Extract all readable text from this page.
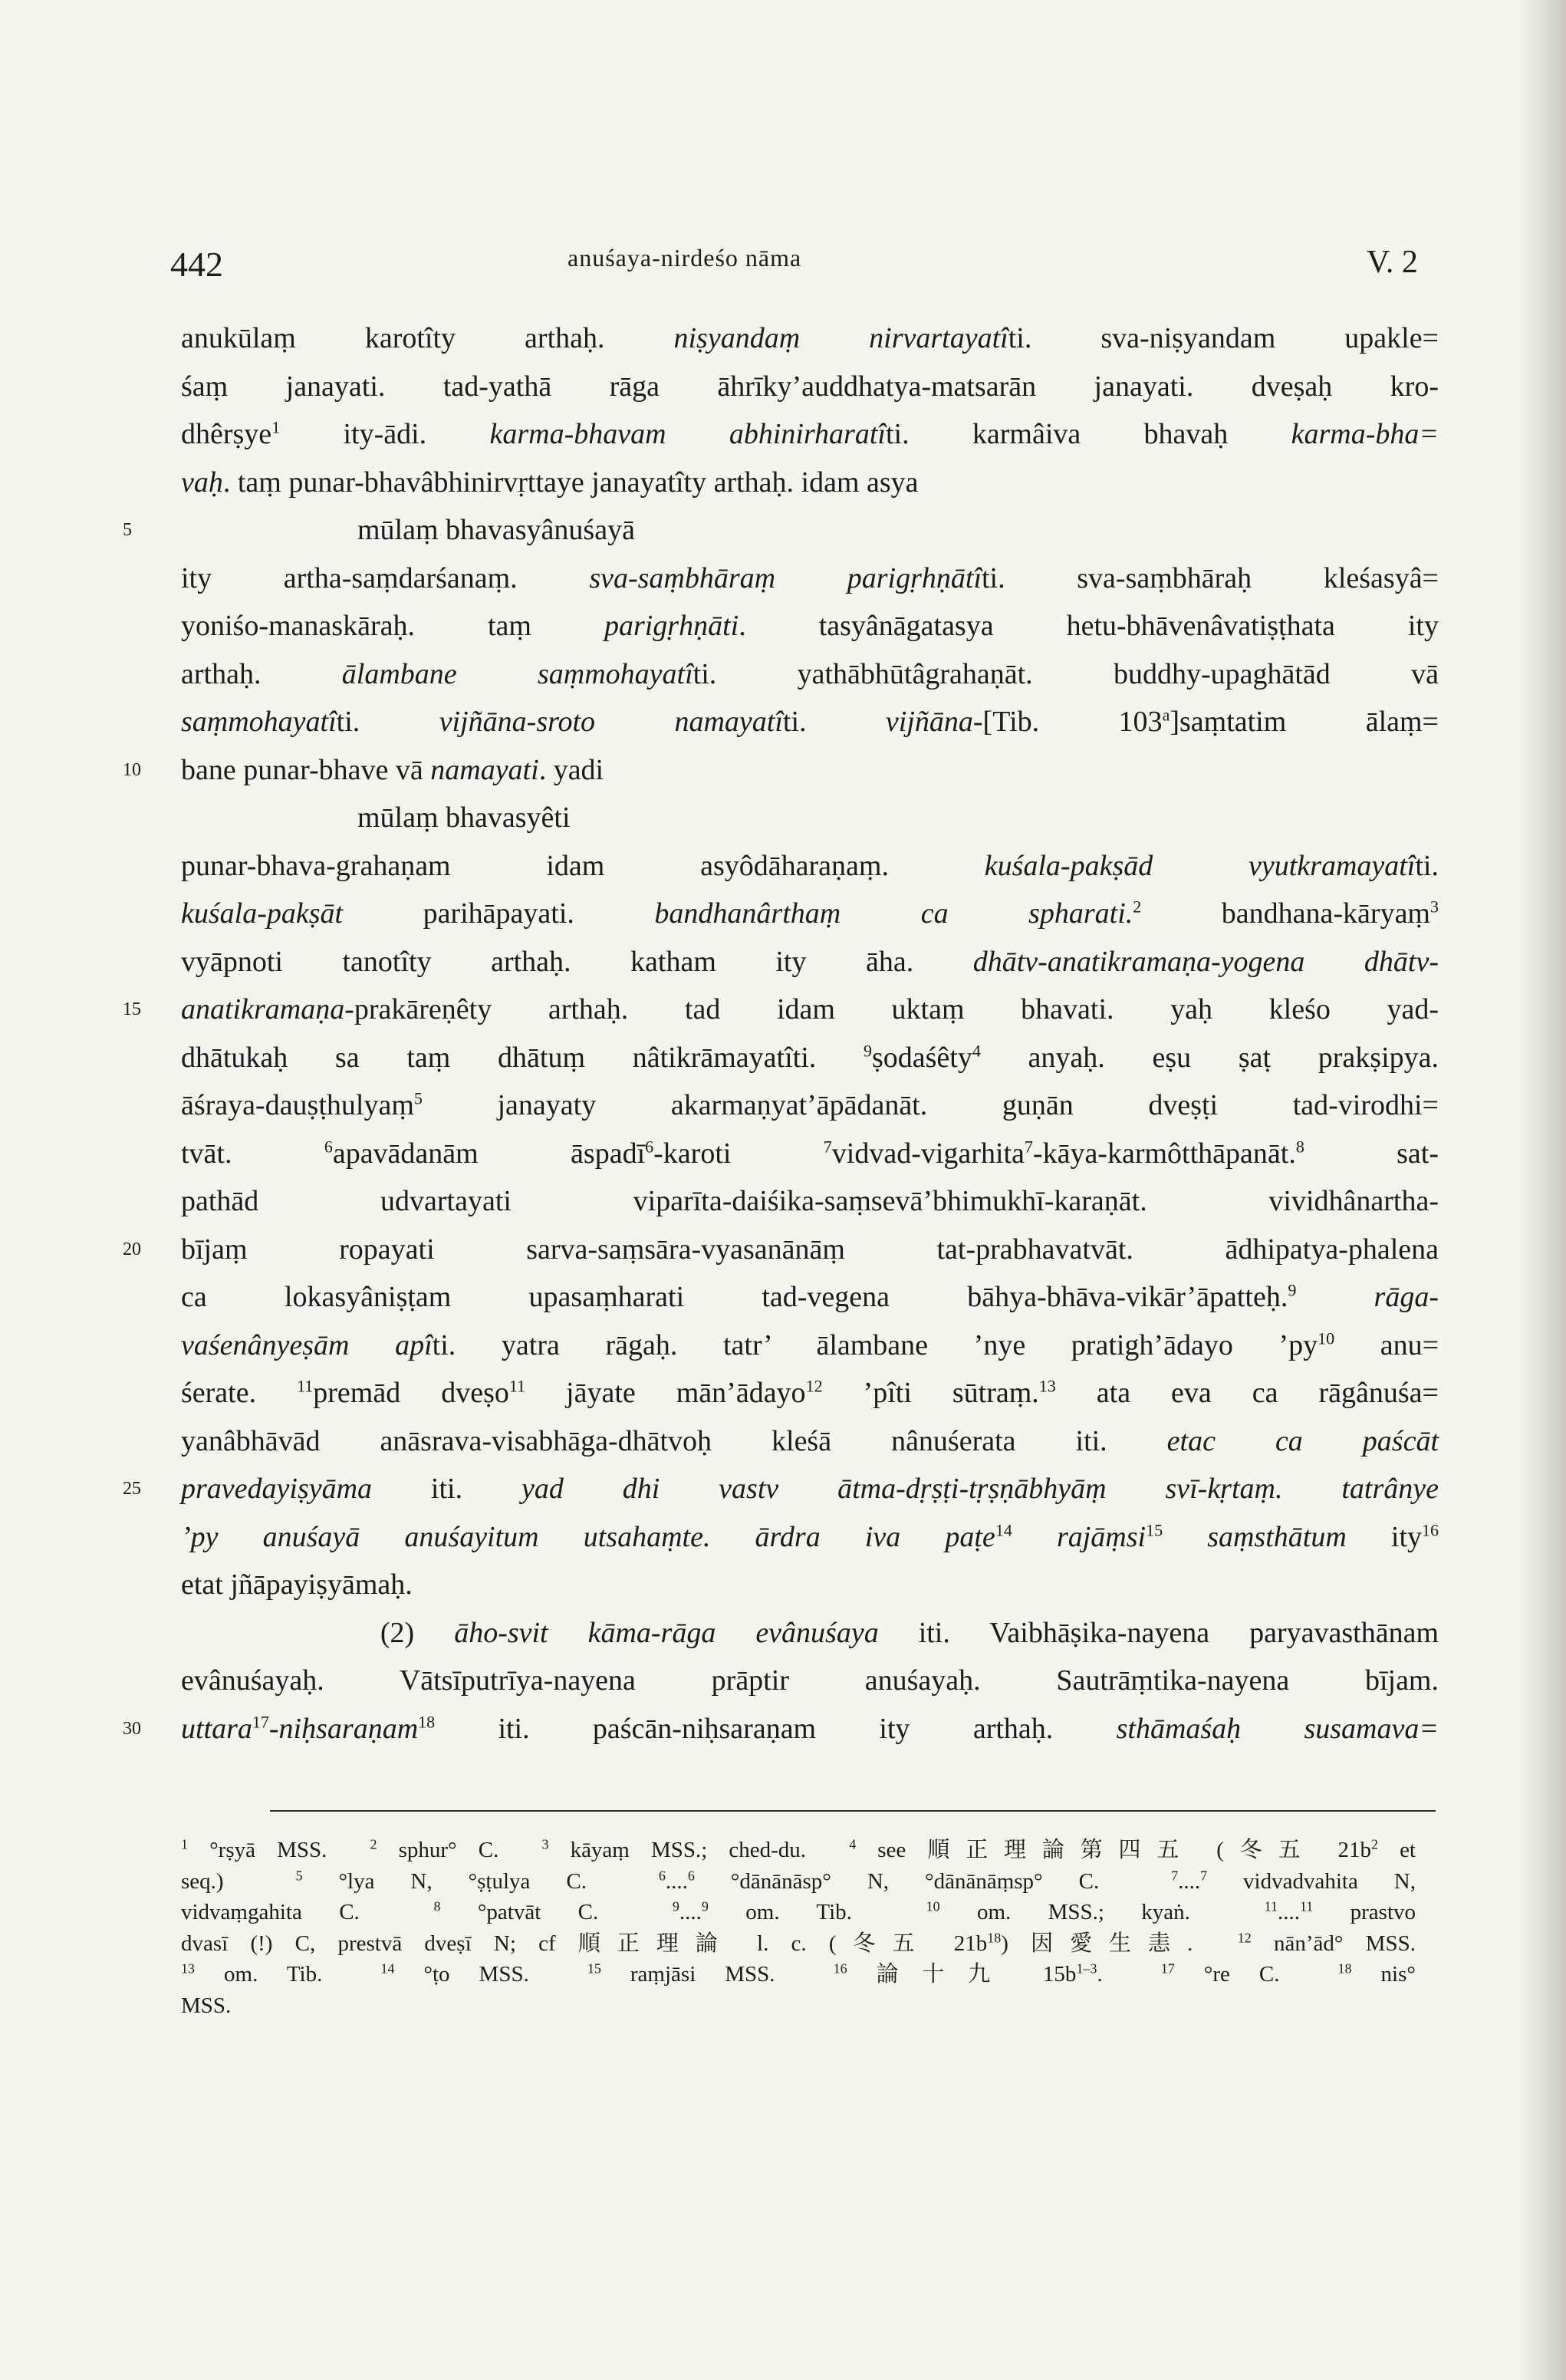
442	anuśaya-nirdeśo nāma	V. 2
anukūlaṃ karotîty arthaḥ. niṣyandaṃ nirvartayatîti. sva-niṣyandam upakle=
śaṃ janayati. tad-yathā rāga āhrīky’auddhatya-matsarān janayati. dveṣaḥ kro-
dhêrṣye$^1$ ity-ādi. karma-bhavam abhinirharatîti. karmâiva bhavaḥ karma-bha=
vaḥ. taṃ punar-bhavâbhinirvṛttaye janayatîty arthaḥ. idam asya
5	mūlaṃ bhavasyânuśayā
ity artha-saṃdarśanaṃ. sva-saṃbhāraṃ parigṛhṇātîti. sva-saṃbhāraḥ kleśasyâ=
yoniśo-manaskāraḥ. taṃ parigṛhṇāti. tasyânāgatasya hetu-bhāvenâvatiṣṭhata ity
arthaḥ. ālambane saṃmohayatîti. yathābhūtâgrahaṇāt. buddhy-upaghātād vā
saṃmohayatîti. vijñāna-sroto namayatîti. vijñāna-[Tib. 103$^a$]saṃtatim ālaṃ=
10	bane punar-bhave vā namayati. yadi
mūlaṃ bhavasyêti
punar-bhava-grahaṇam idam asyôdāharaṇaṃ. kuśala-pakṣād vyutkramayatîti.
kuśala-pakṣāt parihāpayati. bandhanârthaṃ ca spharati.$^2$ bandhana-kāryaṃ$^3$
vyāpnoti tanotîty arthaḥ. katham ity āha. dhātv-anatikramaṇa-yogena dhātv-
15	anatikramaṇa-prakāreṇêty arthaḥ. tad idam uktaṃ bhavati. yaḥ kleśo yad-
dhātukaḥ sa taṃ dhātuṃ nâtikrāmayatîti. $^9$ṣodaśêty$^4$ anyaḥ. eṣu ṣaṭ prakṣipya.
āśraya-dauṣṭhulyaṃ$^5$ janayaty akarmaṇyat’āpādanāt. guṇān dveṣṭi tad-virodhi=
tvāt. $^6$apavādanām āspadī$^6$-karoti $^7$vidvad-vigarhita$^7$-kāya-karmôtthāpanāt.$^8$ sat-
pathād udvartayati viparīta-daiśika-saṃsevā’bhimukhī-karaṇāt. vividhânartha-
20	bījaṃ ropayati sarva-saṃsāra-vyasanānāṃ tat-prabhavatvāt. ādhipatya-phalena
ca lokasyâniṣṭam upasaṃharati tad-vegena bāhya-bhāva-vikār’āpatteḥ.$^9$	rāga-
vaśenânyeṣām apîti. yatra rāgaḥ. tatr’ ālambane ’nye pratigh’ādayo $’py^{10}$ anu=
śerate. $^{11}$premād dveṣo$^{11}$ jāyate mān’ādayo$^{12}$ ’pîti sūtraṃ.$^{13}$ ata eva ca rāgânuśa=
yanâbhāvād anāsrava-visabhāga-dhātvoḥ kleśā nânuśerata iti. etac ca paścāt
25	pravedayiṣyāma iti. yad dhi vastv ātma-dṛṣṭi-tṛṣṇābhyāṃ svī-kṛtaṃ. tatrânye
’py anuśayā anuśayitum utsahaṃte. ārdra iva paṭe$^{14}$ rajāṃsi$^{15}$ saṃsthātum ity$^{16}$
etat jñāpayiṣyāmaḥ.
(2) āho-svit kāma-rāga evânuśaya iti. Vaibhāṣika-nayena paryavasthānam
evânuśayaḥ. Vātsīputrīya-nayena prāptir anuśayaḥ. Sautrāṃtika-nayena bījam.
30	uttara$^{17}$-niḥsaraṇam$^{18}$ iti. paścān-niḥsaraṇam ity arthaḥ. sthāmaśaḥ susamava=
$^1$ °rṣyā MSS.  $^2$ sphur° C.  $^3$ kāyaṃ MSS.; ched-du.  $^4$ see 順正理論第四五 (冬五 $21b^2$ et
seq.)  $^5$ °lya N, °ṣṭulya C.  $^6$....$^6$ °dānānāsp° N, °dānānāṃsp° C.  $^7$....$^7$ vidvadvahita N,
vidvaṃgahita C.  $^8$ °patvāt C.  $^9$....$^9$ om. Tib.  $^{10}$ om. MSS.; kyaṅ.  $^{11}$....$^{11}$ prastvo
dvasī (!) C, prestvā dveṣī N; cf 順正理論 l. c. (冬五 $21b^{18}$) 因愛生恚.  $^{12}$ nān’ād° MSS.
$^{13}$ om. Tib.  $^{14}$ °ṭo MSS.  $^{15}$ raṃjāsi MSS.  $^{16}$ 論十九 $15b^{1-3}$.  $^{17}$ °re C.  $^{18}$ nis°
MSS.
